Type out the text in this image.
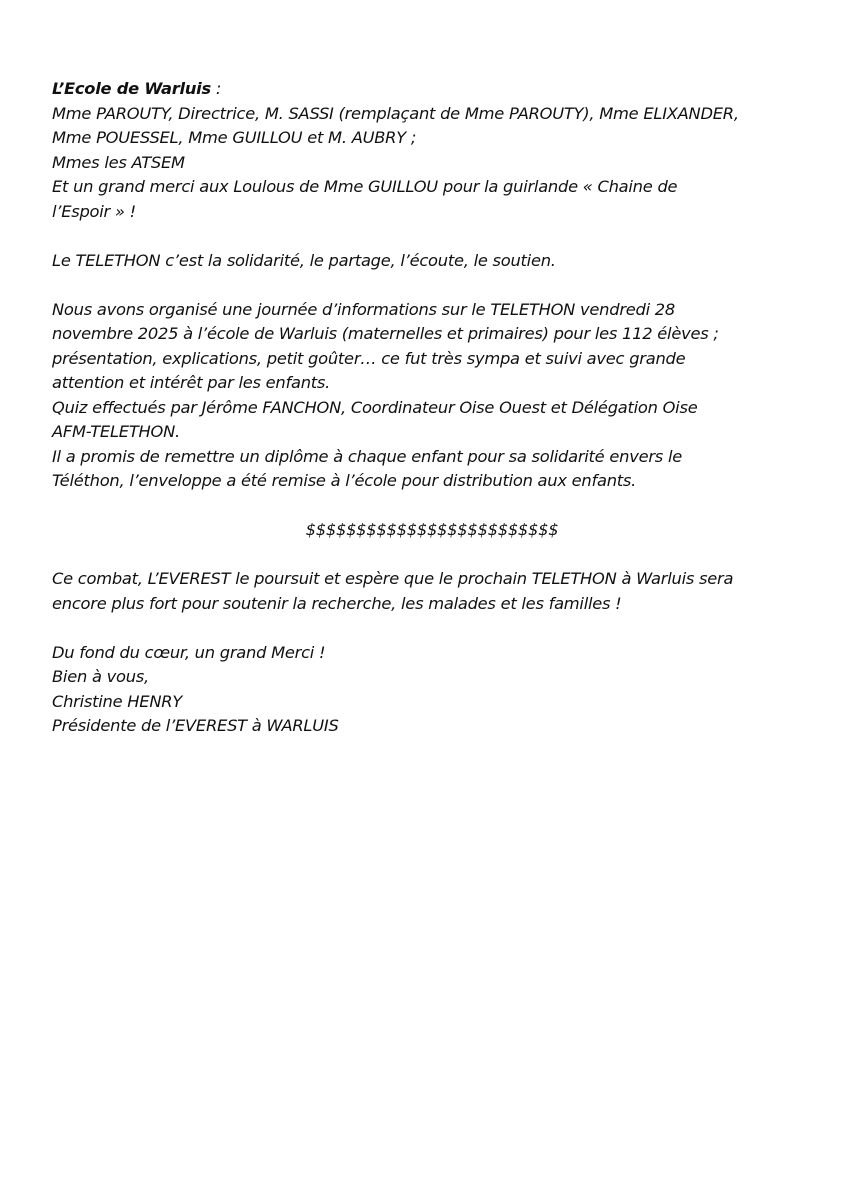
L’Ecole de Warluis :
Mme PAROUTY, Directrice, M. SASSI (remplaçant de Mme PAROUTY), Mme ELIXANDER,
Mme POUESSEL, Mme GUILLOU et M. AUBRY ;
Mmes les ATSEM
Et un grand merci aux Loulous de Mme GUILLOU pour la guirlande « Chaine de
l’Espoir » !
Le TELETHON c’est la solidarité, le partage, l’écoute, le soutien.
Nous avons organisé une journée d’informations sur le TELETHON vendredi 28
novembre 2025 à l’école de Warluis (maternelles et primaires) pour les 112 élèves ;
présentation, explications, petit goûter… ce fut très sympa et suivi avec grande
attention et intérêt par les enfants.
Quiz effectués par Jérôme FANCHON, Coordinateur Oise Ouest et Délégation Oise
AFM-TELETHON.
Il a promis de remettre un diplôme à chaque enfant pour sa solidarité envers le
Téléthon, l’enveloppe a été remise à l’école pour distribution aux enfants.
$$$$$$$$$$$$$$$$$$$$$$$$$
Ce combat, L’EVEREST le poursuit et espère que le prochain TELETHON à Warluis sera
encore plus fort pour soutenir la recherche, les malades et les familles !
Du fond du cœur, un grand Merci !
Bien à vous,
Christine HENRY
Présidente de l’EVEREST à WARLUIS
